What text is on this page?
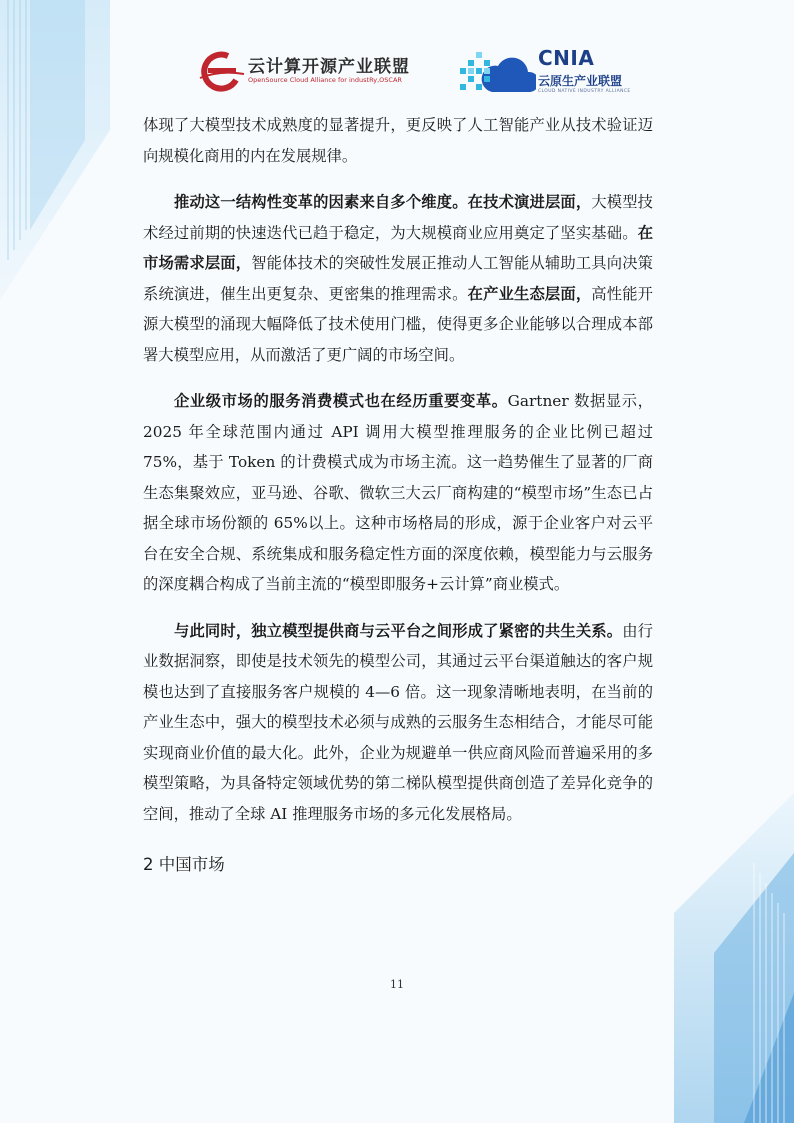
云计算开源产业联盟
OpenSource Cloud Alliance for industRy,OSCAR
CNIA
云原生产业联盟
CLOUD NATIVE INDUSTRY ALLIANCE

体现了大模型技术成熟度的显著提升，更反映了人工智能产业从技术验证迈向规模化商用的内在发展规律。

推动这一结构性变革的因素来自多个维度。在技术演进层面，大模型技术经过前期的快速迭代已趋于稳定，为大规模商业应用奠定了坚实基础。在市场需求层面，智能体技术的突破性发展正推动人工智能从辅助工具向决策系统演进，催生出更复杂、更密集的推理需求。在产业生态层面，高性能开源大模型的涌现大幅降低了技术使用门槛，使得更多企业能够以合理成本部署大模型应用，从而激活了更广阔的市场空间。

企业级市场的服务消费模式也在经历重要变革。Gartner 数据显示，2025 年全球范围内通过 API 调用大模型推理服务的企业比例已超过 75%，基于 Token 的计费模式成为市场主流。这一趋势催生了显著的厂商生态集聚效应，亚马逊、谷歌、微软三大云厂商构建的“模型市场”生态已占据全球市场份额的 65%以上。这种市场格局的形成，源于企业客户对云平台在安全合规、系统集成和服务稳定性方面的深度依赖，模型能力与云服务的深度耦合构成了当前主流的“模型即服务+云计算”商业模式。

与此同时，独立模型提供商与云平台之间形成了紧密的共生关系。由行业数据洞察，即使是技术领先的模型公司，其通过云平台渠道触达的客户规模也达到了直接服务客户规模的 4—6 倍。这一现象清晰地表明，在当前的产业生态中，强大的模型技术必须与成熟的云服务生态相结合，才能尽可能实现商业价值的最大化。此外，企业为规避单一供应商风险而普遍采用的多模型策略，为具备特定领域优势的第二梯队模型提供商创造了差异化竞争的空间，推动了全球 AI 推理服务市场的多元化发展格局。

2 中国市场
11
